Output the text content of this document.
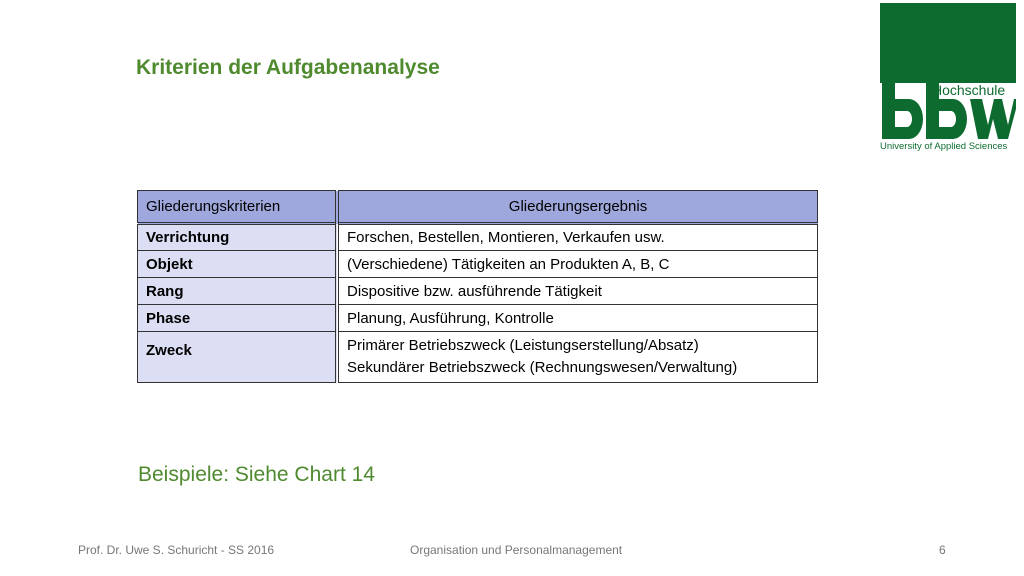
Kriterien der Aufgabenanalyse
Hochschule
University of Applied Sciences
Gliederungskriterien	Gliederungsergebnis
Verrichtung	Forschen, Bestellen, Montieren, Verkaufen usw.
Objekt	(Verschiedene) Tätigkeiten an Produkten A, B, C
Rang	Dispositive bzw. ausführende Tätigkeit
Phase	Planung, Ausführung, Kontrolle
Zweck	Primärer Betriebszweck (Leistungserstellung/Absatz)
Sekundärer Betriebszweck (Rechnungswesen/Verwaltung)
Beispiele: Siehe Chart 14
Prof. Dr. Uwe S. Schuricht - SS 2016	Organisation und Personalmanagement	6
